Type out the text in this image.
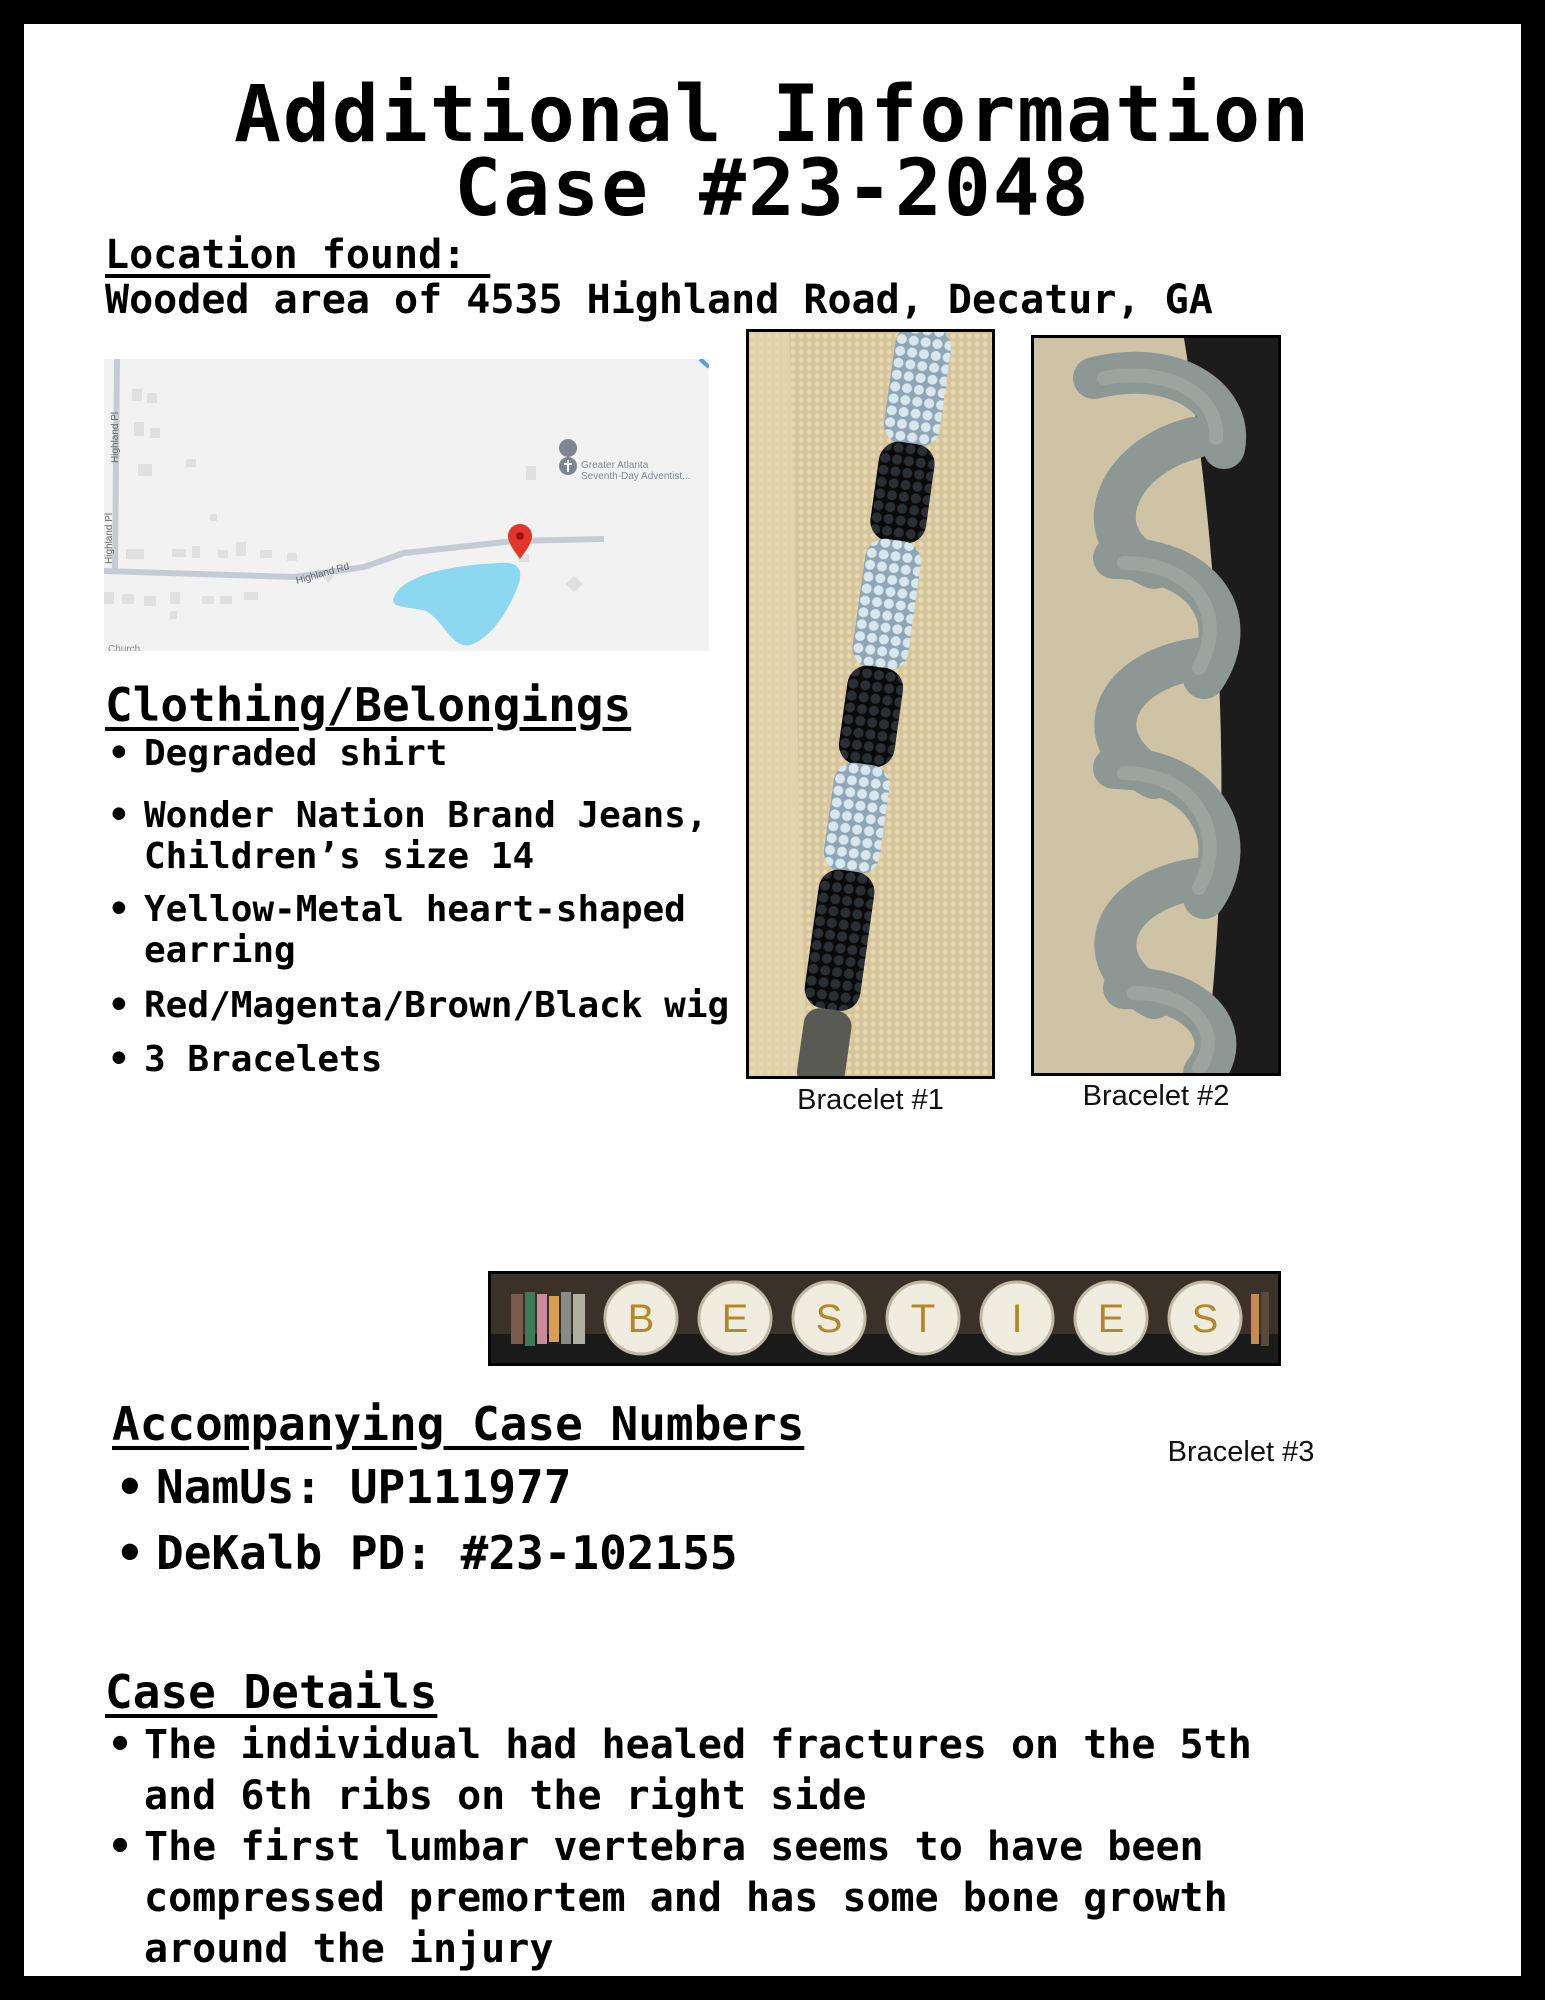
Additional Information
Case #23-2048
Location found:
Wooded area of 4535 Highland Road, Decatur, GA
Highland Pl
Highland Pl
Highland Rd
Greater Atlanta
Seventh-Day Adventist...
Church
Clothing/Belongings
• Degraded shirt
• Wonder Nation Brand Jeans,
Children’s size 14
• Yellow-Metal heart-shaped
earring
• Red/Magenta/Brown/Black wig
• 3 Bracelets
Bracelet #1	Bracelet #2
B E S T I E S
Bracelet #3
Accompanying Case Numbers
• NamUs: UP111977
• DeKalb PD: #23-102155
Case Details
• The individual had healed fractures on the 5th
and 6th ribs on the right side
• The first lumbar vertebra seems to have been
compressed premortem and has some bone growth
around the injury
